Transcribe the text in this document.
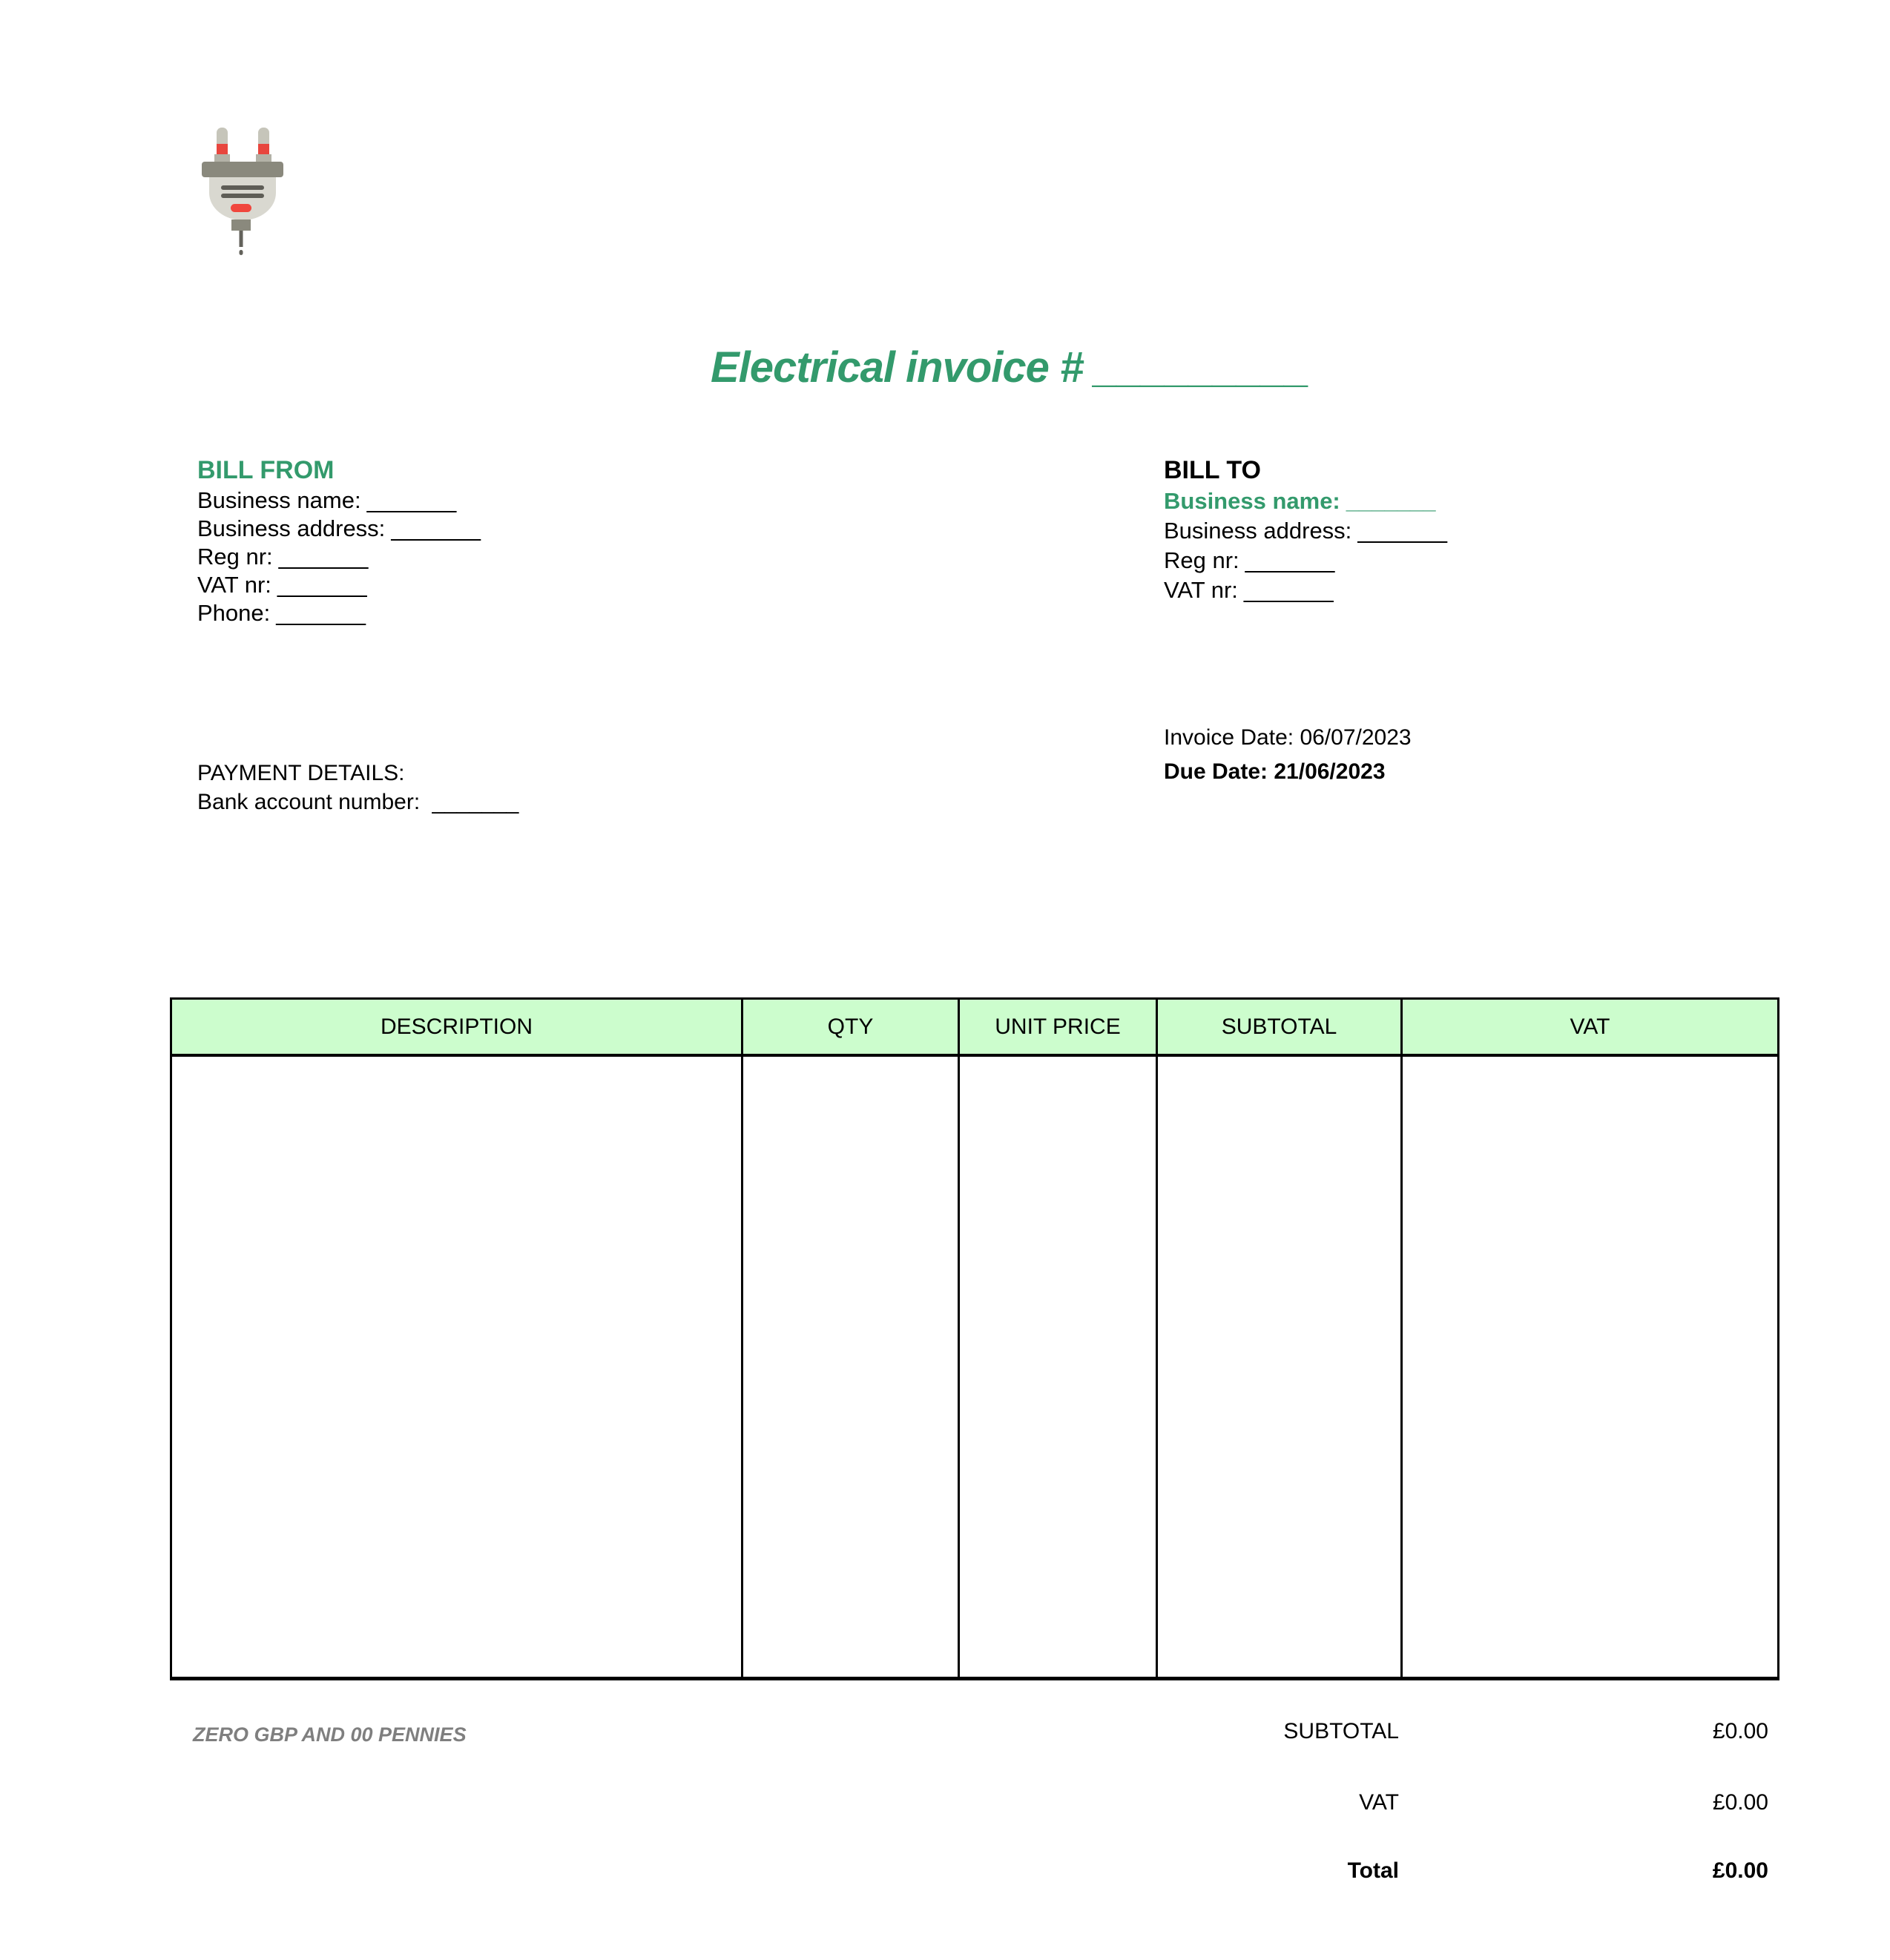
Electrical invoice # _________
BILL FROM
Business name: _______
Business address: _______
Reg nr: _______
VAT nr: _______
Phone: _______
BILL TO
Business name: _______
Business address: _______
Reg nr: _______
VAT nr: _______
Invoice Date: 06/07/2023
Due Date: 21/06/2023
PAYMENT DETAILS:
Bank account number: _______
DESCRIPTION	QTY	UNIT PRICE	SUBTOTAL	VAT
SUBTOTAL	£0.00
VAT	£0.00
Total	£0.00
ZERO GBP AND 00 PENNIES
